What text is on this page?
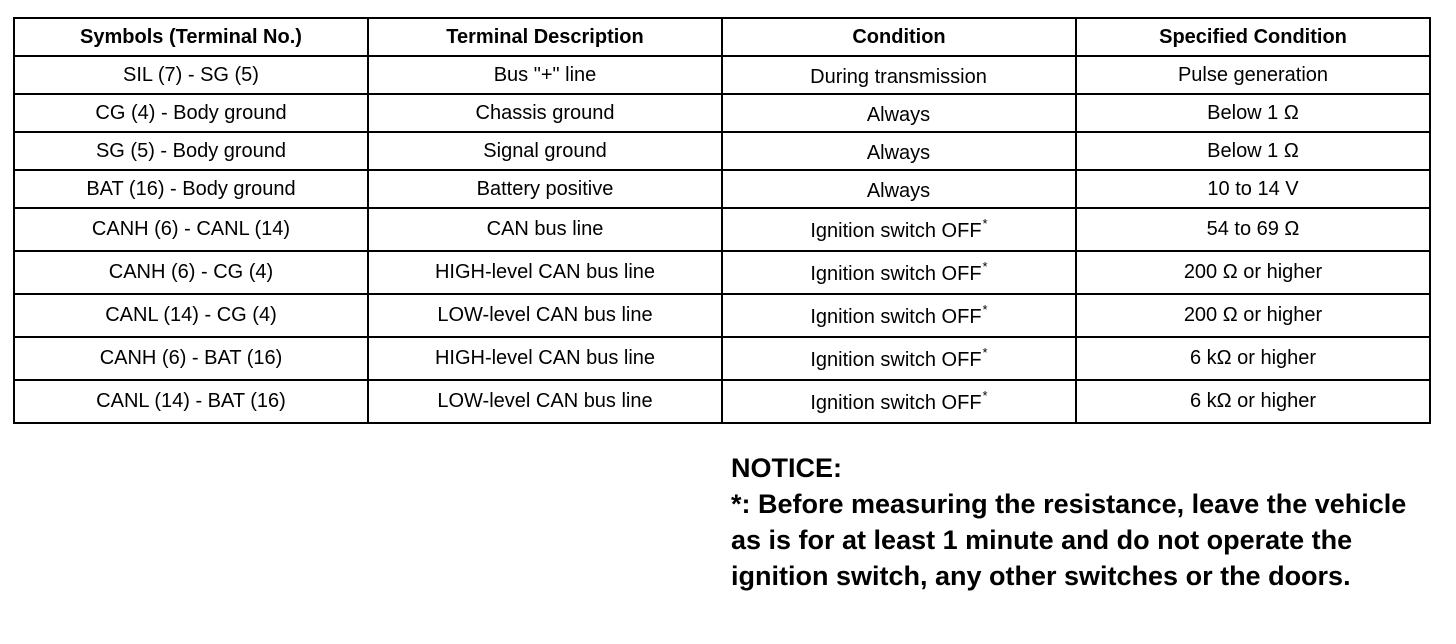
Symbols (Terminal No.)	Terminal Description	Condition	Specified Condition
SIL (7) - SG (5)	Bus "+" line	During transmission	Pulse generation
CG (4) - Body ground	Chassis ground	Always	Below 1 Ω
SG (5) - Body ground	Signal ground	Always	Below 1 Ω
BAT (16) - Body ground	Battery positive	Always	10 to 14 V
CANH (6) - CANL (14)	CAN bus line	Ignition switch OFF*	54 to 69 Ω
CANH (6) - CG (4)	HIGH-level CAN bus line	Ignition switch OFF*	200 Ω or higher
CANL (14) - CG (4)	LOW-level CAN bus line	Ignition switch OFF*	200 Ω or higher
CANH (6) - BAT (16)	HIGH-level CAN bus line	Ignition switch OFF*	6 kΩ or higher
CANL (14) - BAT (16)	LOW-level CAN bus line	Ignition switch OFF*	6 kΩ or higher
NOTICE:
*: Before measuring the resistance, leave the vehicle as is for at least 1 minute and do not operate the ignition switch, any other switches or the doors.
